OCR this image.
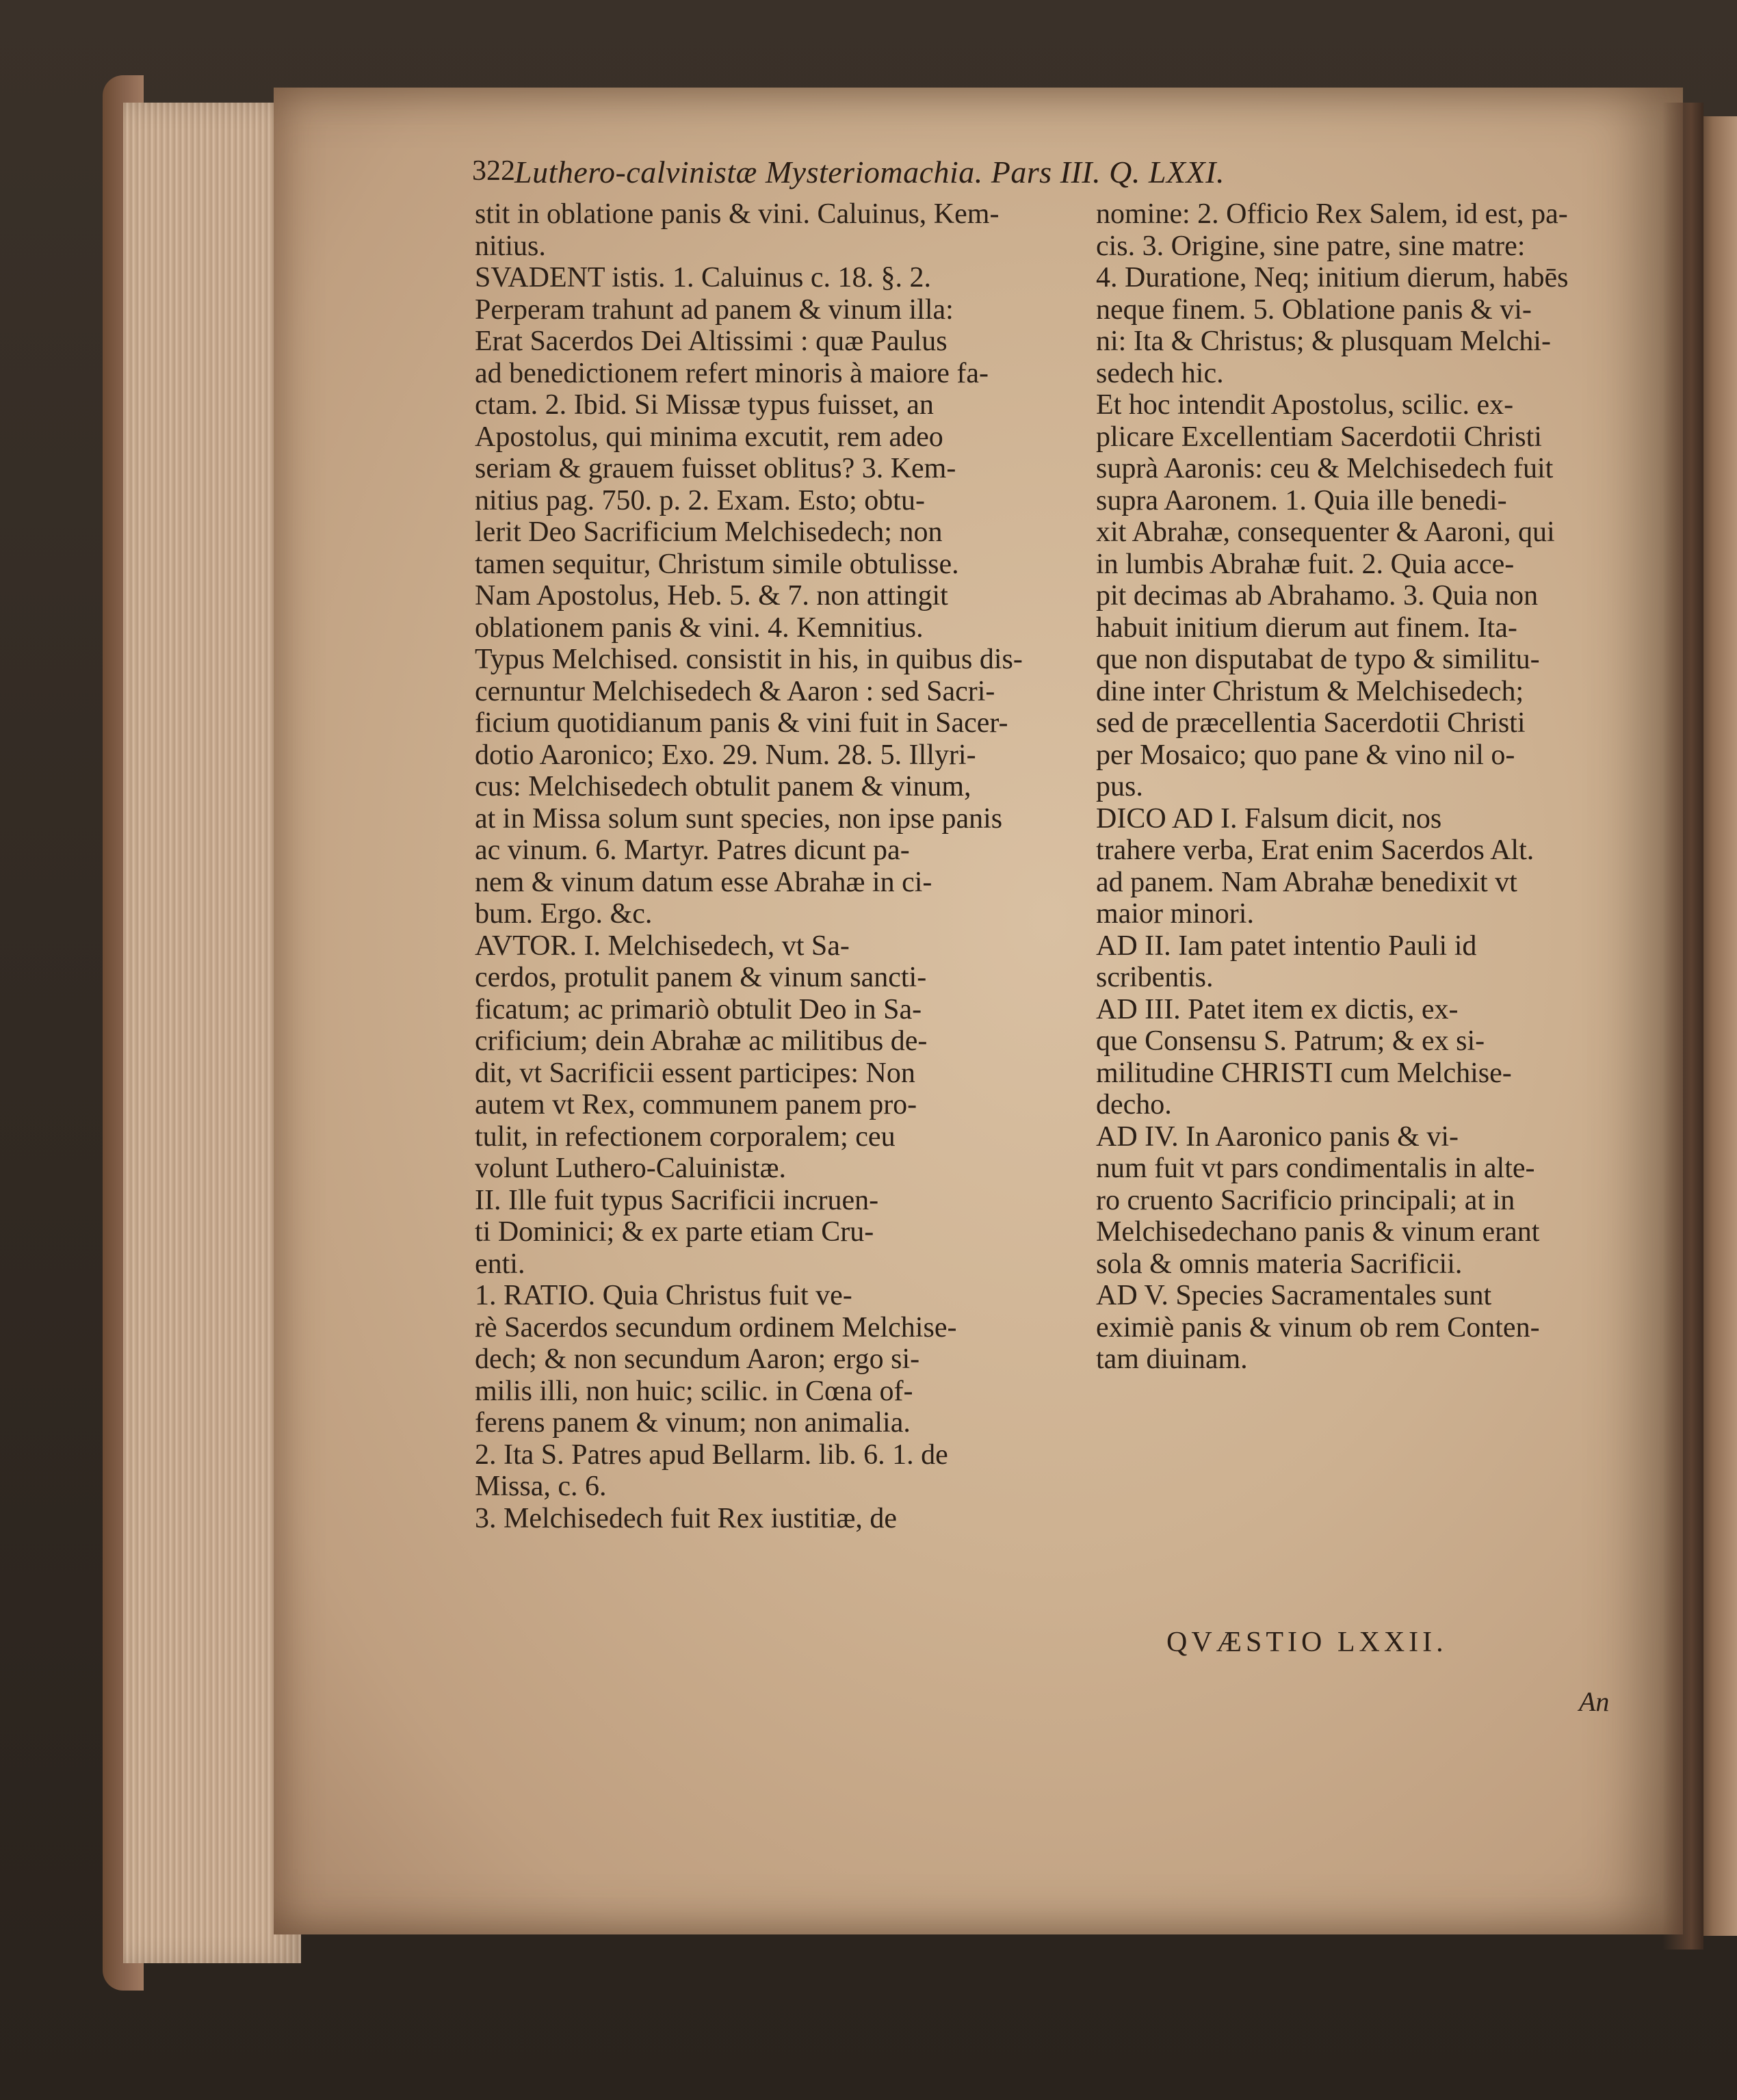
322 Luthero-calvinistæ Mysteriomachia. Pars III. Q. LXXI.
stit in oblatione panis & vini. Caluinus, Kem-
nitius.
SVADENT istis. 1. Caluinus c. 18. §. 2.
Perperam trahunt ad panem & vinum illa:
Erat Sacerdos Dei Altissimi : quæ Paulus
ad benedictionem refert minoris à maiore fa-
ctam. 2. Ibid. Si Missæ typus fuisset, an
Apostolus, qui minima excutit, rem adeo
seriam & grauem fuisset oblitus? 3. Kem-
nitius pag. 750. p. 2. Exam. Esto; obtu-
lerit Deo Sacrificium Melchisedech; non
tamen sequitur, Christum simile obtulisse.
Nam Apostolus, Heb. 5. & 7. non attingit
oblationem panis & vini. 4. Kemnitius.
Typus Melchised. consistit in his, in quibus dis-
cernuntur Melchisedech & Aaron : sed Sacri-
ficium quotidianum panis & vini fuit in Sacer-
dotio Aaronico; Exo. 29. Num. 28. 5. Illyri-
cus: Melchisedech obtulit panem & vinum,
at in Missa solum sunt species, non ipse panis
ac vinum. 6. Martyr. Patres dicunt pa-
nem & vinum datum esse Abrahæ in ci-
bum. Ergo. &c.
AVTOR. I. Melchisedech, vt Sa-
cerdos, protulit panem & vinum sancti-
ficatum; ac primariò obtulit Deo in Sa-
crificium; dein Abrahæ ac militibus de-
dit, vt Sacrificii essent participes: Non
autem vt Rex, communem panem pro-
tulit, in refectionem corporalem; ceu
volunt Luthero-Caluinistæ.
II. Ille fuit typus Sacrificii incruen-
ti Dominici; & ex parte etiam Cru-
enti.
1. RATIO. Quia Christus fuit ve-
rè Sacerdos secundum ordinem Melchise-
dech; & non secundum Aaron; ergo si-
milis illi, non huic; scilic. in Cœna of-
ferens panem & vinum; non animalia.
2. Ita S. Patres apud Bellarm. lib. 6. 1. de
Missa, c. 6.
3. Melchisedech fuit Rex iustitiæ, de
nomine: 2. Officio Rex Salem, id est, pa-
cis. 3. Origine, sine patre, sine matre:
4. Duratione, Neq; initium dierum, habēs
neque finem. 5. Oblatione panis & vi-
ni: Ita & Christus; & plusquam Melchi-
sedech hic.
Et hoc intendit Apostolus, scilic. ex-
plicare Excellentiam Sacerdotii Christi
suprà Aaronis: ceu & Melchisedech fuit
supra Aaronem. 1. Quia ille benedi-
xit Abrahæ, consequenter & Aaroni, qui
in lumbis Abrahæ fuit. 2. Quia acce-
pit decimas ab Abrahamo. 3. Quia non
habuit initium dierum aut finem. Ita-
que non disputabat de typo & similitu-
dine inter Christum & Melchisedech;
sed de præcellentia Sacerdotii Christi
per Mosaico; quo pane & vino nil o-
pus.
DICO AD I. Falsum dicit, nos
trahere verba, Erat enim Sacerdos Alt.
ad panem. Nam Abrahæ benedixit vt
maior minori.
AD II. Iam patet intentio Pauli id
scribentis.
AD III. Patet item ex dictis, ex-
que Consensu S. Patrum; & ex si-
militudine CHRISTI cum Melchise-
decho.
AD IV. In Aaronico panis & vi-
num fuit vt pars condimentalis in alte-
ro cruento Sacrificio principali; at in
Melchisedechano panis & vinum erant
sola & omnis materia Sacrificii.
AD V. Species Sacramentales sunt
eximiè panis & vinum ob rem Conten-
tam diuinam.
QVÆSTIO LXXII.
An
